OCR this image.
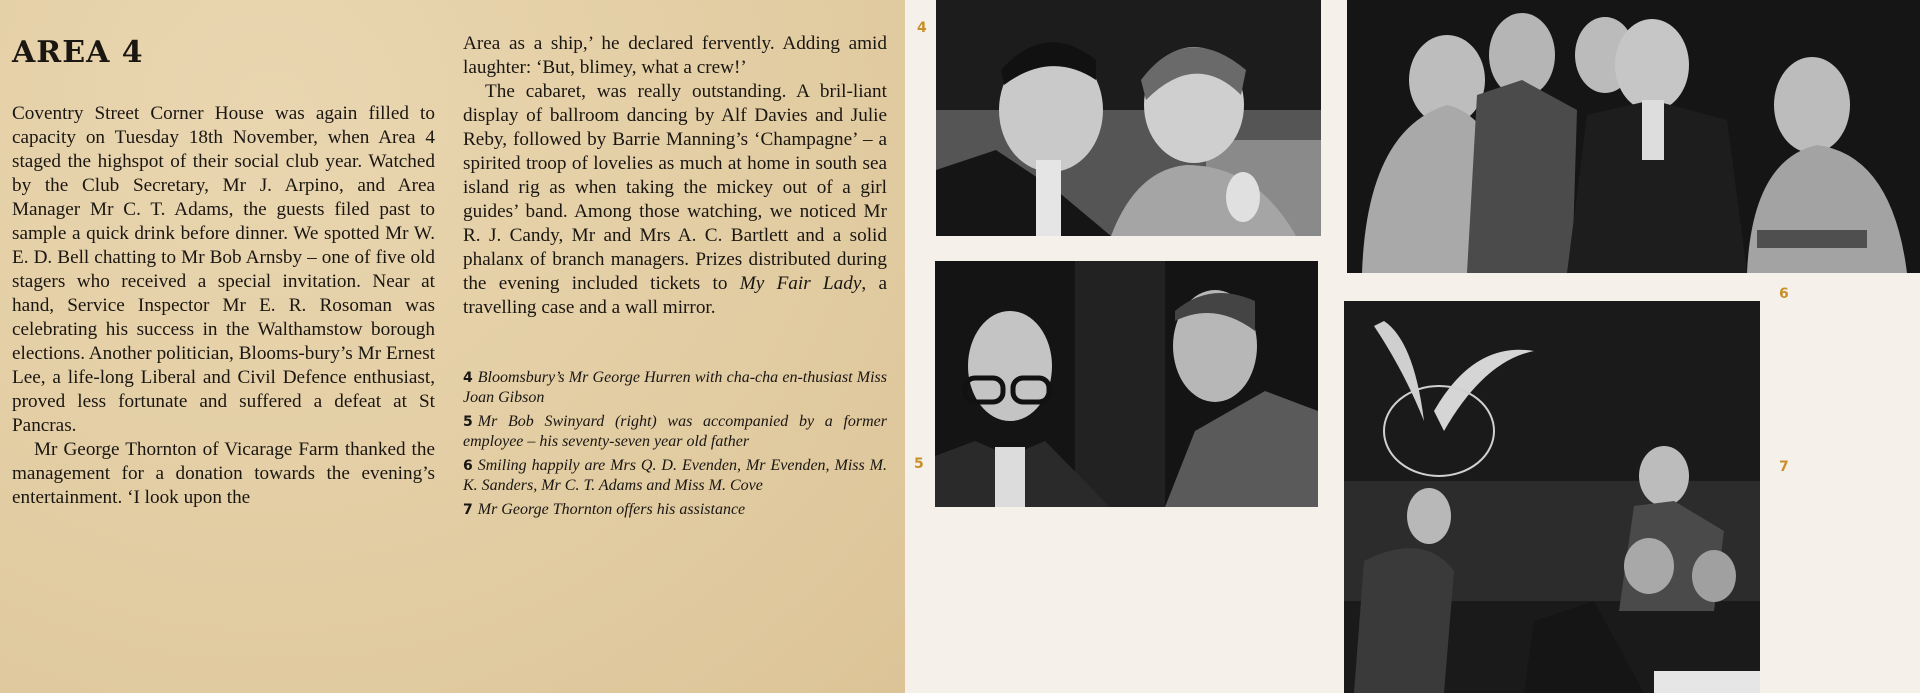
AREA 4

Coventry Street Corner House was again filled to capacity on Tuesday 18th November, when Area 4 staged the highspot of their social club year. Watched by the Club Secretary, Mr J. Arpino, and Area Manager Mr C. T. Adams, the guests filed past to sample a quick drink before dinner. We spotted Mr W. E. D. Bell chatting to Mr Bob Arnsby – one of five old stagers who received a special invitation. Near at hand, Service Inspector Mr E. R. Rosoman was celebrating his success in the Walthamstow borough elections. Another politician, Blooms-bury’s Mr Ernest Lee, a life-long Liberal and Civil Defence enthusiast, proved less fortunate and suffered a defeat at St Pancras.

Mr George Thornton of Vicarage Farm thanked the management for a donation towards the evening’s entertainment. ‘I look upon the

Area as a ship,’ he declared fervently. Adding amid laughter: ‘But, blimey, what a crew!’

The cabaret, was really outstanding. A bril-liant display of ballroom dancing by Alf Davies and Julie Reby, followed by Barrie Manning’s ‘Champagne’ – a spirited troop of lovelies as much at home in south sea island rig as when taking the mickey out of a girl guides’ band. Among those watching, we noticed Mr R. J. Candy, Mr and Mrs A. C. Bartlett and a solid phalanx of branch managers. Prizes distributed during the evening included tickets to My Fair Lady, a travelling case and a wall mirror.

4 Bloomsbury’s Mr George Hurren with cha-cha en-thusiast Miss Joan Gibson

5 Mr Bob Swinyard (right) was accompanied by a former employee – his seventy-seven year old father

6 Smiling happily are Mrs Q. D. Evenden, Mr Evenden, Miss M. K. Sanders, Mr C. T. Adams and Miss M. Cove

7 Mr George Thornton offers his assistance

4
5
6
7
